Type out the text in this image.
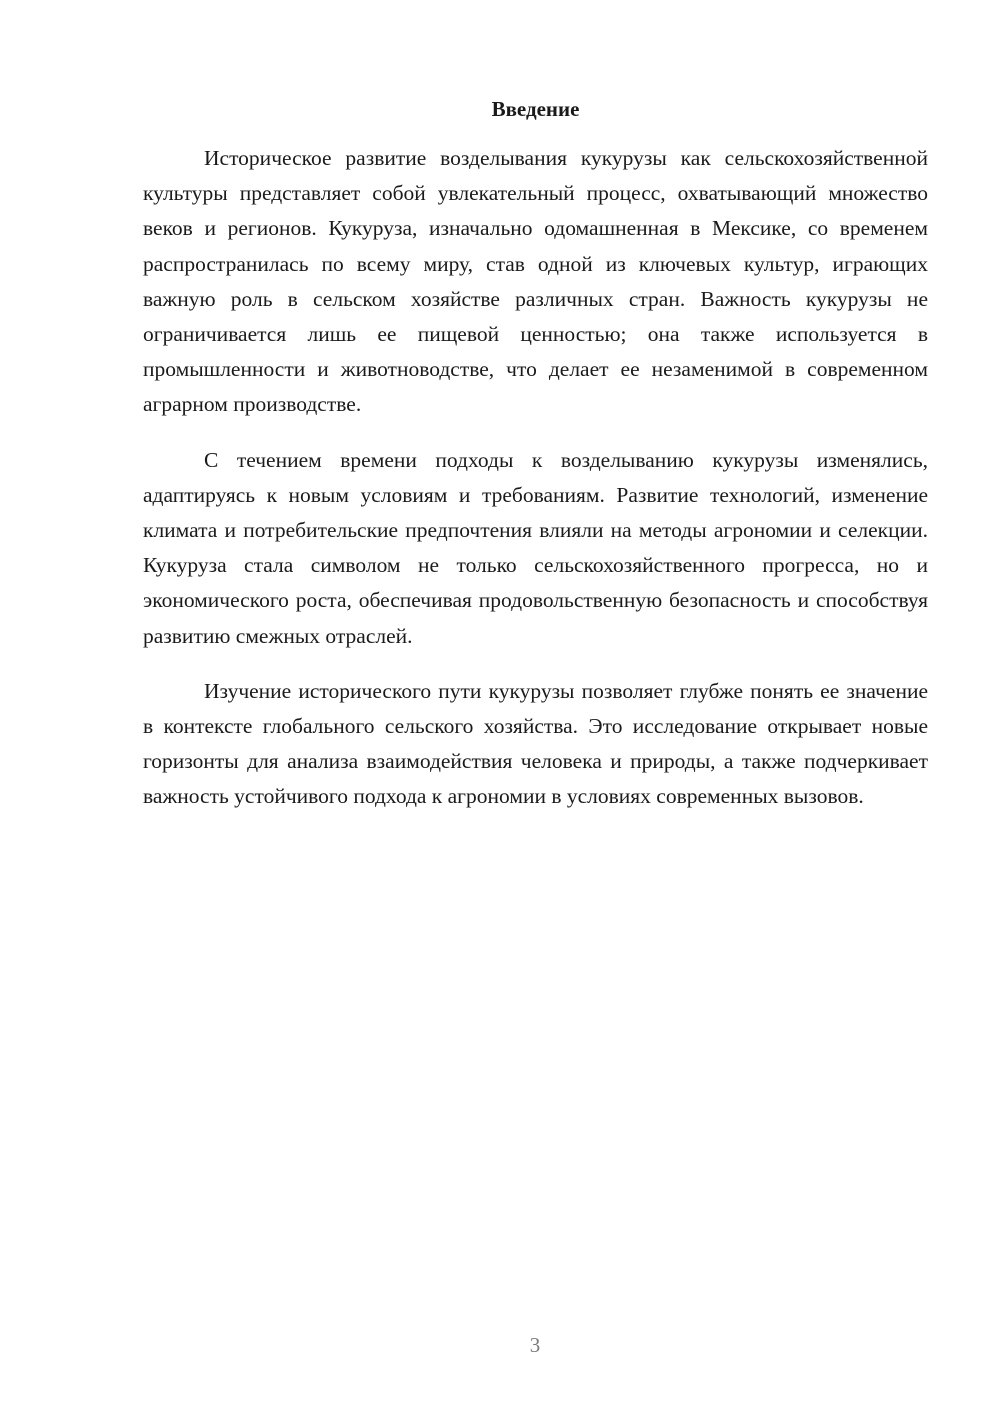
Введение

Историческое развитие возделывания кукурузы как сельскохозяйственной культуры представляет собой увлекательный процесс, охватывающий множество веков и регионов. Кукуруза, изначально одомашненная в Мексике, со временем распространилась по всему миру, став одной из ключевых культур, играющих важную роль в сельском хозяйстве различных стран. Важность кукурузы не ограничивается лишь ее пищевой ценностью; она также используется в промышленности и животноводстве, что делает ее незаменимой в современном аграрном производстве.

С течением времени подходы к возделыванию кукурузы изменялись, адаптируясь к новым условиям и требованиям. Развитие технологий, изменение климата и потребительские предпочтения влияли на методы агрономии и селекции. Кукуруза стала символом не только сельскохозяйственного прогресса, но и экономического роста, обеспечивая продовольственную безопасность и способствуя развитию смежных отраслей.

Изучение исторического пути кукурузы позволяет глубже понять ее значение в контексте глобального сельского хозяйства. Это исследование открывает новые горизонты для анализа взаимодействия человека и природы, а также подчеркивает важность устойчивого подхода к агрономии в условиях современных вызовов.

3
